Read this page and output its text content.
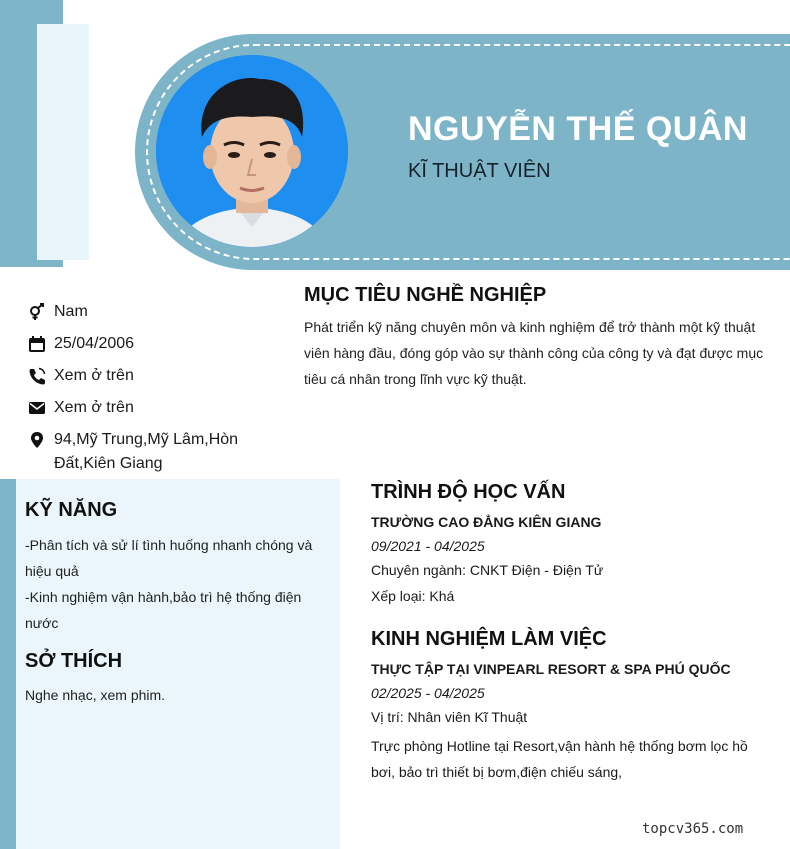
NGUYỄN THẾ QUÂN
KĨ THUẬT VIÊN
Nam
25/04/2006
Xem ở trên
Xem ở trên
94,Mỹ Trung,Mỹ Lâm,Hòn Đất,Kiên Giang
MỤC TIÊU NGHỀ NGHIỆP
Phát triển kỹ năng chuyên môn và kinh nghiệm để trở thành một kỹ thuật viên hàng đầu, đóng góp vào sự thành công của công ty và đạt được mục tiêu cá nhân trong lĩnh vực kỹ thuật.
KỸ NĂNG
-Phân tích và sử lí tình huống nhanh chóng và hiệu quả
-Kinh nghiệm vận hành,bảo trì hệ thống điện nước
SỞ THÍCH
Nghe nhạc, xem phim.
TRÌNH ĐỘ HỌC VẤN
TRƯỜNG CAO ĐẲNG KIÊN GIANG
09/2021 - 04/2025
Chuyên ngành: CNKT Điện - Điện Tử
Xếp loại: Khá
KINH NGHIỆM LÀM VIỆC
THỰC TẬP TẠI VINPEARL RESORT & SPA PHÚ QUỐC
02/2025 - 04/2025
Vị trí: Nhân viên Kĩ Thuật
Trực phòng Hotline tại Resort,vận hành hệ thống bơm lọc hồ bơi, bảo trì thiết bị bơm,điện chiếu sáng,
topcv365.com
